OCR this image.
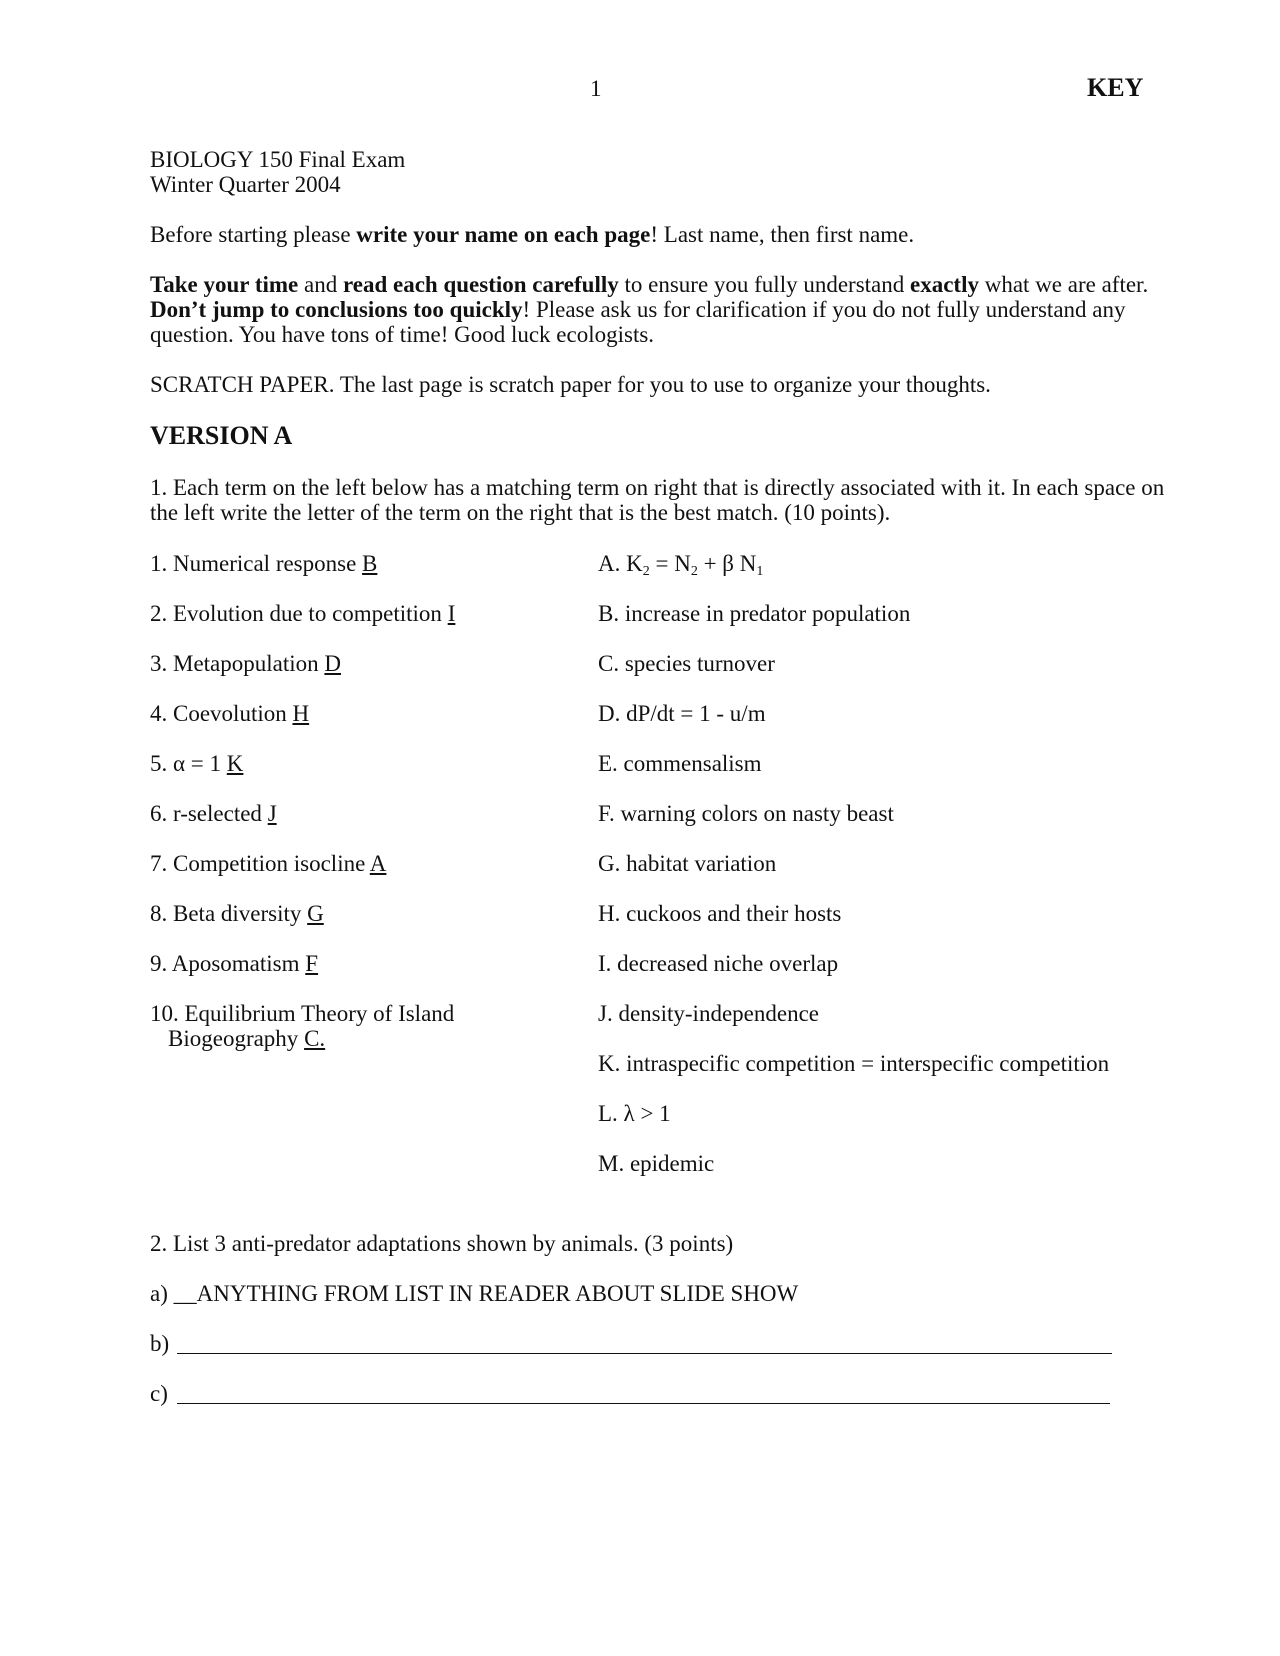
1	KEY
BIOLOGY 150 Final Exam
Winter Quarter 2004
Before starting please write your name on each page! Last name, then first name.
Take your time and read each question carefully to ensure you fully understand exactly what we are after. Don’t jump to conclusions too quickly! Please ask us for clarification if you do not fully understand any question. You have tons of time! Good luck ecologists.
SCRATCH PAPER. The last page is scratch paper for you to use to organize your thoughts.
VERSION A
1. Each term on the left below has a matching term on right that is directly associated with it. In each space on the left write the letter of the term on the right that is the best match. (10 points).
1. Numerical response B
2. Evolution due to competition I
3. Metapopulation D
4. Coevolution H
5. α = 1 K
6. r-selected J
7. Competition isocline A
8. Beta diversity G
9. Aposomatism F
10. Equilibrium Theory of Island
Biogeography C.
A. $K_2 = N_2 + \beta$ $N_1$
B. increase in predator population
C. species turnover
D. dP/dt = 1 - u/m
E. commensalism
F. warning colors on nasty beast
G. habitat variation
H. cuckoos and their hosts
I. decreased niche overlap
J. density-independence
K. intraspecific competition = interspecific competition
L. λ > 1
M. epidemic
2. List 3 anti-predator adaptations shown by animals. (3 points)
a) __ANYTHING FROM LIST IN READER ABOUT SLIDE SHOW
b)
c)
